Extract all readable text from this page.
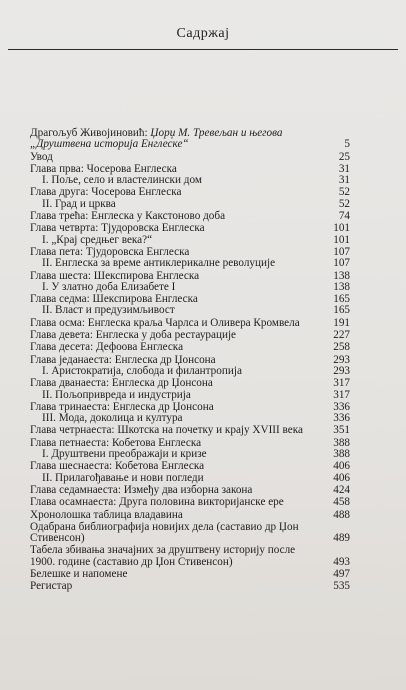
Садржај
Драгољуб Живојиновић: Џорџ М. Тревељан и његова
„Друштвена историја Енглеске“	5
Увод	25
Глава прва: Чосерова Енглеска	31
I. Поље, село и властелински дом	31
Глава друга: Чосерова Енглеска	52
II. Град и црква	52
Глава трећа: Енглеска у Какстоново доба	74
Глава четврта: Тјудоровска Енглеска	101
I. „Крај средњег века?“	101
Глава пета: Тјудоровска Енглеска	107
II. Енглеска за време антиклерикалне револуције	107
Глава шеста: Шекспирова Енглеска	138
I. У златно доба Елизабете I	138
Глава седма: Шекспирова Енглеска	165
II. Власт и предузимљивост	165
Глава осма: Енглеска краља Чарлса и Оливера Кромвела	191
Глава девета: Енглеска у доба рестаурације	227
Глава десета: Дефоова Енглеска	258
Глава једанаеста: Енглеска др Џонсона	293
I. Аристократија, слобода и филантропија	293
Глава дванаеста: Енглеска др Џонсона	317
II. Пољопривреда и индустрија	317
Глава тринаеста: Енглеска др Џонсона	336
III. Мода, доколица и култура	336
Глава четрнаеста: Шкотска на почетку и крају XVIII века	351
Глава петнаеста: Кобетова Енглеска	388
I. Друштвени преображаји и кризе	388
Глава шеснаеста: Кобетова Енглеска	406
II. Прилагођавање и нови погледи	406
Глава седамнаеста: Између два изборна закона	424
Глава осамнаеста: Друга половина викторијанске ере	458
Хронолошка таблица владавина	488
Одабрана библиографија новијих дела (саставио др Џон Стивенсон)	489
Табела збивања значајних за друштвену историју после 1900. године (саставио др Џон Стивенсон)	493
Белешке и напомене	497
Регистар	535
